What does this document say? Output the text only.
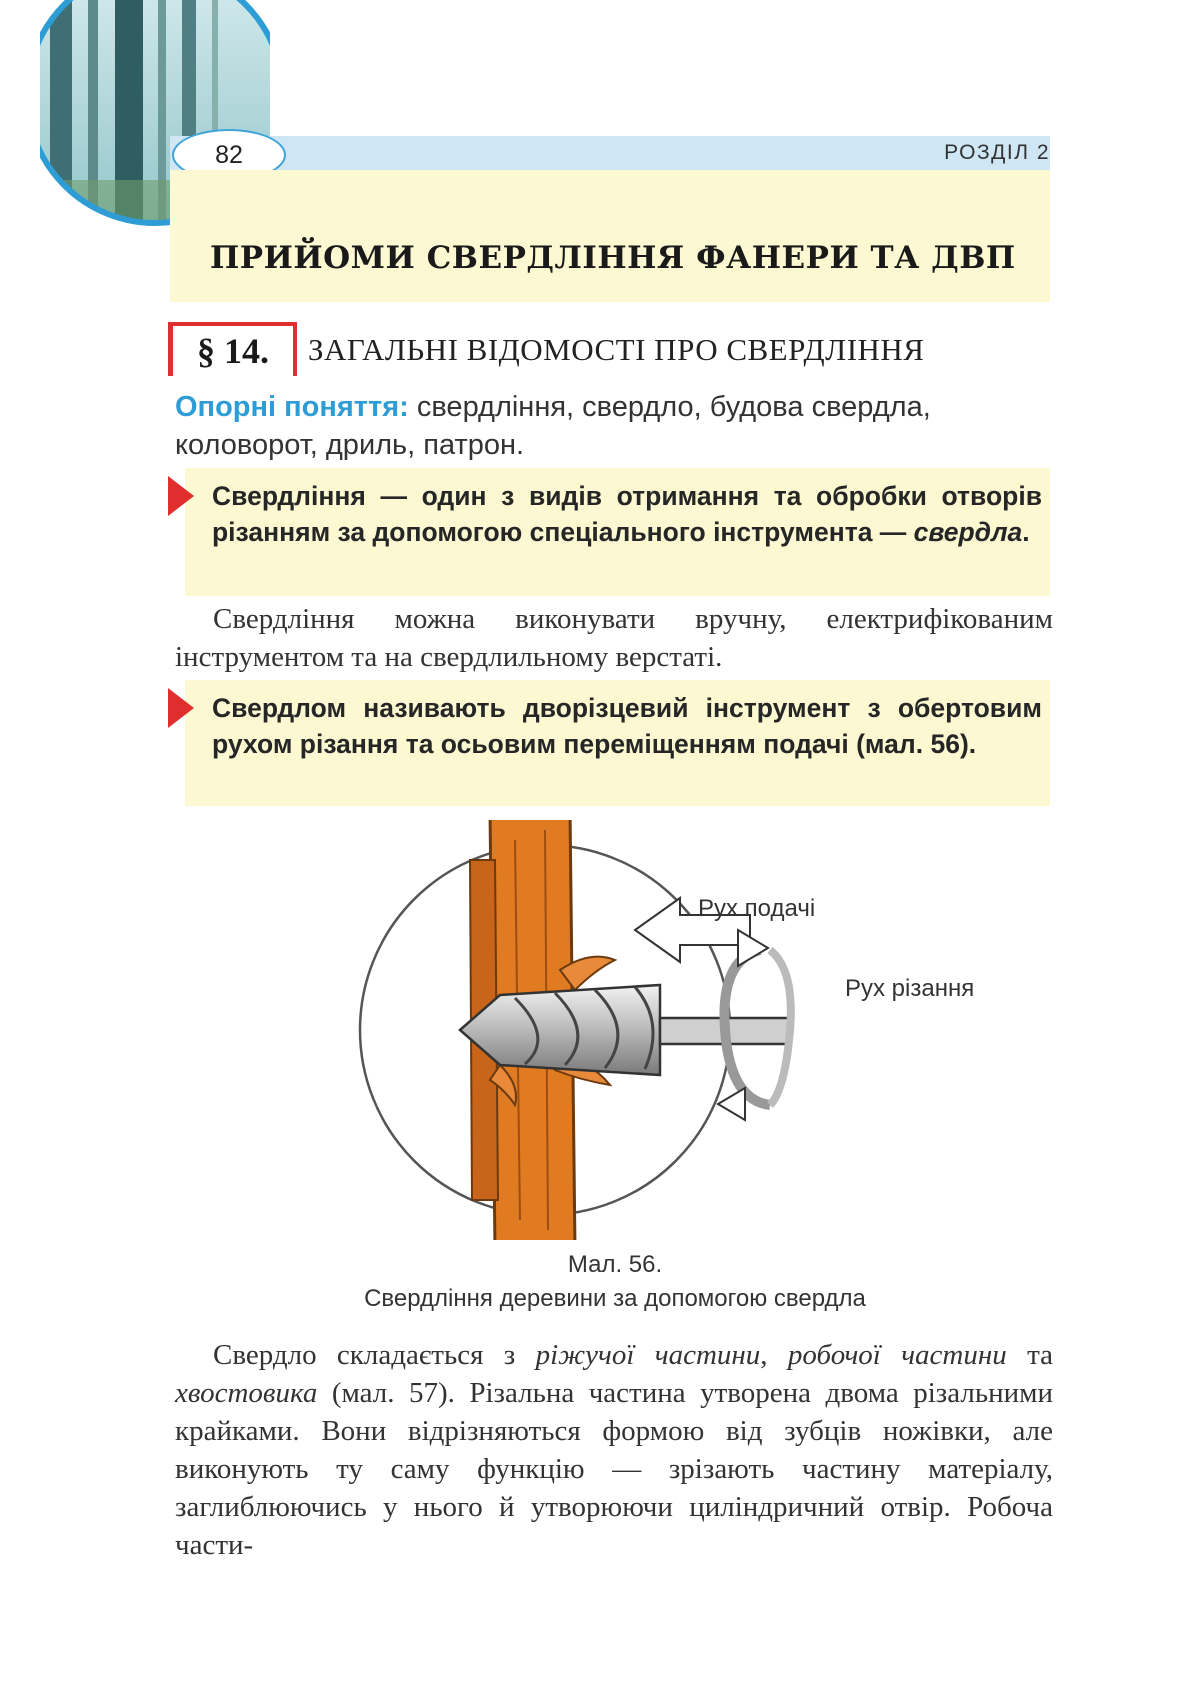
82	РОЗДІЛ 2
ПРИЙОМИ СВЕРДЛІННЯ ФАНЕРИ ТА ДВП
§ 14.	ЗАГАЛЬНІ ВІДОМОСТІ ПРО СВЕРДЛІННЯ
Опорні поняття: свердління, свердло, будова свердла, коловорот, дриль, патрон.
Свердління — один з видів отримання та обробки отворів різанням за допомогою спеціального інструмента — свердла.

Свердління можна виконувати вручну, електрифікованим інструментом та на свердлильному верстаті.

Свердлом називають дворізцевий інструмент з обертовим рухом різання та осьовим переміщенням подачі (мал. 56).
Рух подачі
Рух різання
Мал. 56.
Свердління деревини за допомогою свердла

Свердло складається з ріжучої частини, робочої частини та хвостовика (мал. 57). Різальна частина утворена двома різальними крайками. Вони відрізняються формою від зубців ножівки, але виконують ту саму функцію — зрізають частину матеріалу, заглиблюючись у нього й утворюючи циліндричний отвір. Робоча части-
